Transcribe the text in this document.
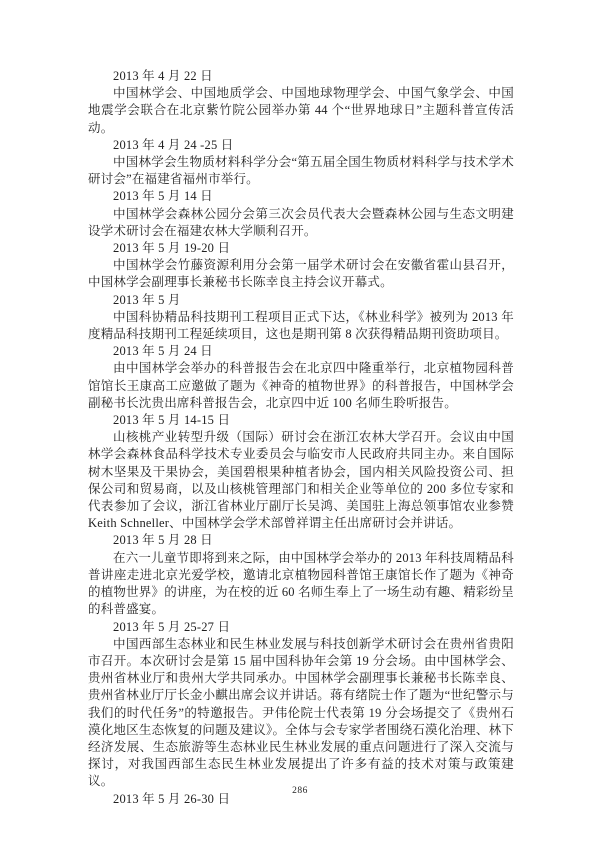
2013 年 4 月 22 日

中国林学会、中国地质学会、中国地球物理学会、中国气象学会、中国地震学会联合在北京紫竹院公园举办第 44 个“世界地球日”主题科普宣传活动。

2013 年 4 月 24 -25 日

中国林学会生物质材料科学分会“第五届全国生物质材料科学与技术学术研讨会”在福建省福州市举行。

2013 年 5 月 14 日

中国林学会森林公园分会第三次会员代表大会暨森林公园与生态文明建设学术研讨会在福建农林大学顺利召开。

2013 年 5 月 19-20 日

中国林学会竹藤资源利用分会第一届学术研讨会在安徽省霍山县召开，中国林学会副理事长兼秘书长陈幸良主持会议开幕式。

2013 年 5 月

中国科协精品科技期刊工程项目正式下达，《林业科学》被列为 2013 年度精品科技期刊工程延续项目，这也是期刊第 8 次获得精品期刊资助项目。

2013 年 5 月 24 日

由中国林学会举办的科普报告会在北京四中隆重举行，北京植物园科普馆馆长王康高工应邀做了题为《神奇的植物世界》的科普报告，中国林学会副秘书长沈贵出席科普报告会，北京四中近 100 名师生聆听报告。

2013 年 5 月 14-15 日

山核桃产业转型升级（国际）研讨会在浙江农林大学召开。会议由中国林学会森林食品科学技术专业委员会与临安市人民政府共同主办。来自国际树木坚果及干果协会，美国碧根果种植者协会，国内相关风险投资公司、担保公司和贸易商，以及山核桃管理部门和相关企业等单位的 200 多位专家和代表参加了会议，浙江省林业厅副厅长吴鸿、美国驻上海总领事馆农业参赞 Keith Schneller、中国林学会学术部曾祥谓主任出席研讨会并讲话。

2013 年 5 月 28 日

在六一儿童节即将到来之际，由中国林学会举办的 2013 年科技周精品科普讲座走进北京光爱学校，邀请北京植物园科普馆王康馆长作了题为《神奇的植物世界》的讲座，为在校的近 60 名师生奉上了一场生动有趣、精彩纷呈的科普盛宴。

2013 年 5 月 25-27 日

中国西部生态林业和民生林业发展与科技创新学术研讨会在贵州省贵阳市召开。本次研讨会是第 15 届中国科协年会第 19 分会场。由中国林学会、贵州省林业厅和贵州大学共同承办。中国林学会副理事长兼秘书长陈幸良、贵州省林业厅厅长金小麒出席会议并讲话。蒋有绪院士作了题为“世纪警示与我们的时代任务”的特邀报告。尹伟伦院士代表第 19 分会场提交了《贵州石漠化地区生态恢复的问题及建议》。全体与会专家学者围绕石漠化治理、林下经济发展、生态旅游等生态林业民生林业发展的重点问题进行了深入交流与探讨，对我国西部生态民生林业发展提出了许多有益的技术对策与政策建议。

2013 年 5 月 26-30 日

286
